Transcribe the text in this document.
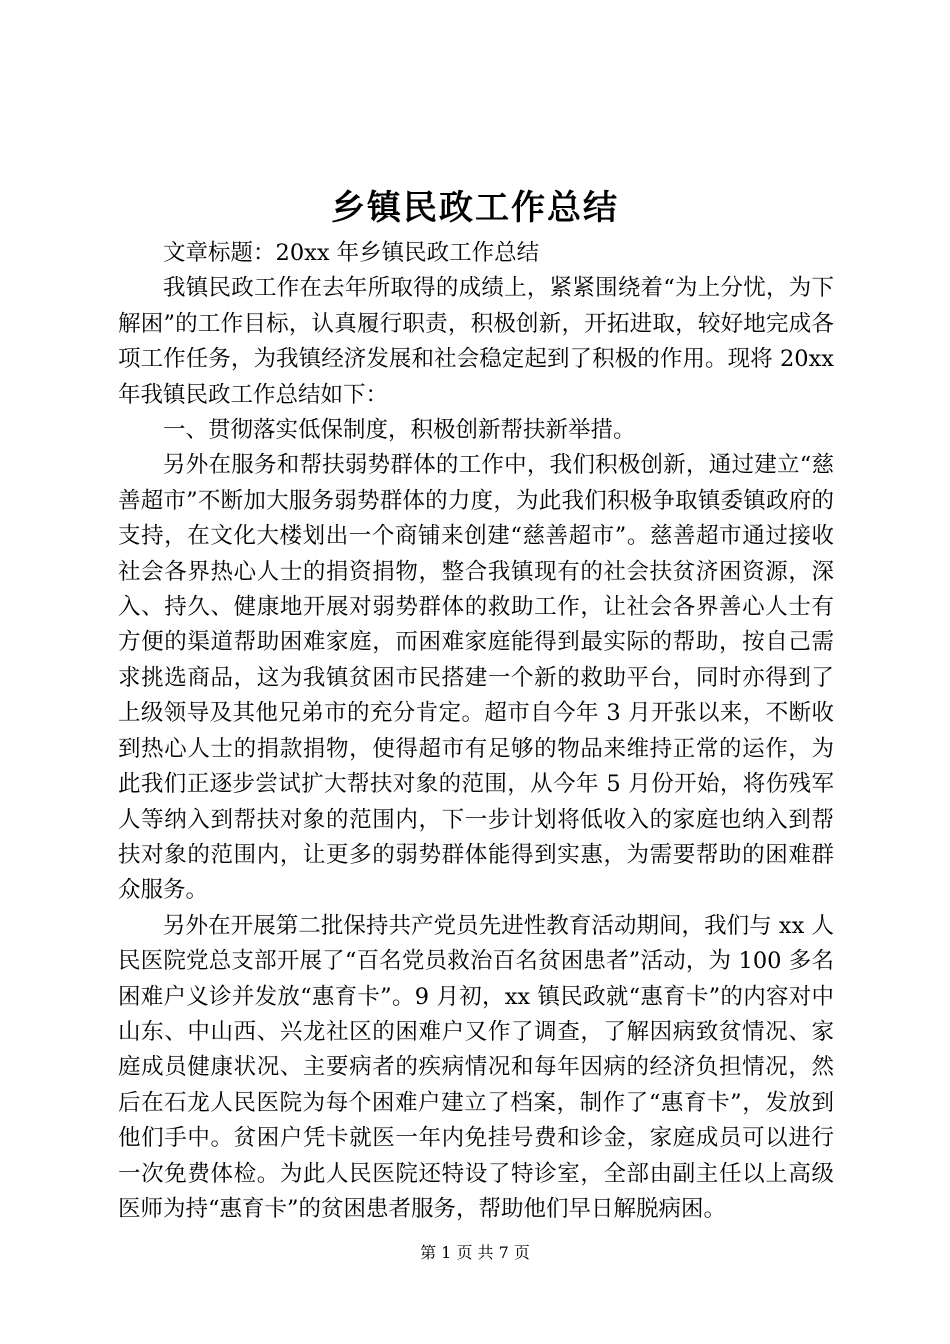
乡镇民政工作总结

文章标题：20xx 年乡镇民政工作总结

我镇民政工作在去年所取得的成绩上，紧紧围绕着“为上分忧，为下解困”的工作目标，认真履行职责，积极创新，开拓进取，较好地完成各项工作任务，为我镇经济发展和社会稳定起到了积极的作用。现将 20xx 年我镇民政工作总结如下：

一、贯彻落实低保制度，积极创新帮扶新举措。

另外在服务和帮扶弱势群体的工作中，我们积极创新，通过建立“慈善超市”不断加大服务弱势群体的力度，为此我们积极争取镇委镇政府的支持，在文化大楼划出一个商铺来创建“慈善超市”。慈善超市通过接收社会各界热心人士的捐资捐物，整合我镇现有的社会扶贫济困资源，深入、持久、健康地开展对弱势群体的救助工作，让社会各界善心人士有方便的渠道帮助困难家庭，而困难家庭能得到最实际的帮助，按自己需求挑选商品，这为我镇贫困市民搭建一个新的救助平台，同时亦得到了上级领导及其他兄弟市的充分肯定。超市自今年 3 月开张以来，不断收到热心人士的捐款捐物，使得超市有足够的物品来维持正常的运作，为此我们正逐步尝试扩大帮扶对象的范围，从今年 5 月份开始，将伤残军人等纳入到帮扶对象的范围内，下一步计划将低收入的家庭也纳入到帮扶对象的范围内，让更多的弱势群体能得到实惠，为需要帮助的困难群众服务。

另外在开展第二批保持共产党员先进性教育活动期间，我们与 xx 人民医院党总支部开展了“百名党员救治百名贫困患者”活动，为 100 多名困难户义诊并发放“惠育卡”。9 月初，xx 镇民政就“惠育卡”的内容对中山东、中山西、兴龙社区的困难户又作了调查，了解因病致贫情况、家庭成员健康状况、主要病者的疾病情况和每年因病的经济负担情况，然后在石龙人民医院为每个困难户建立了档案，制作了“惠育卡”，发放到他们手中。贫困户凭卡就医一年内免挂号费和诊金，家庭成员可以进行一次免费体检。为此人民医院还特设了特诊室，全部由副主任以上高级医师为持“惠育卡”的贫困患者服务，帮助他们早日解脱病困。

第 1 页 共 7 页
